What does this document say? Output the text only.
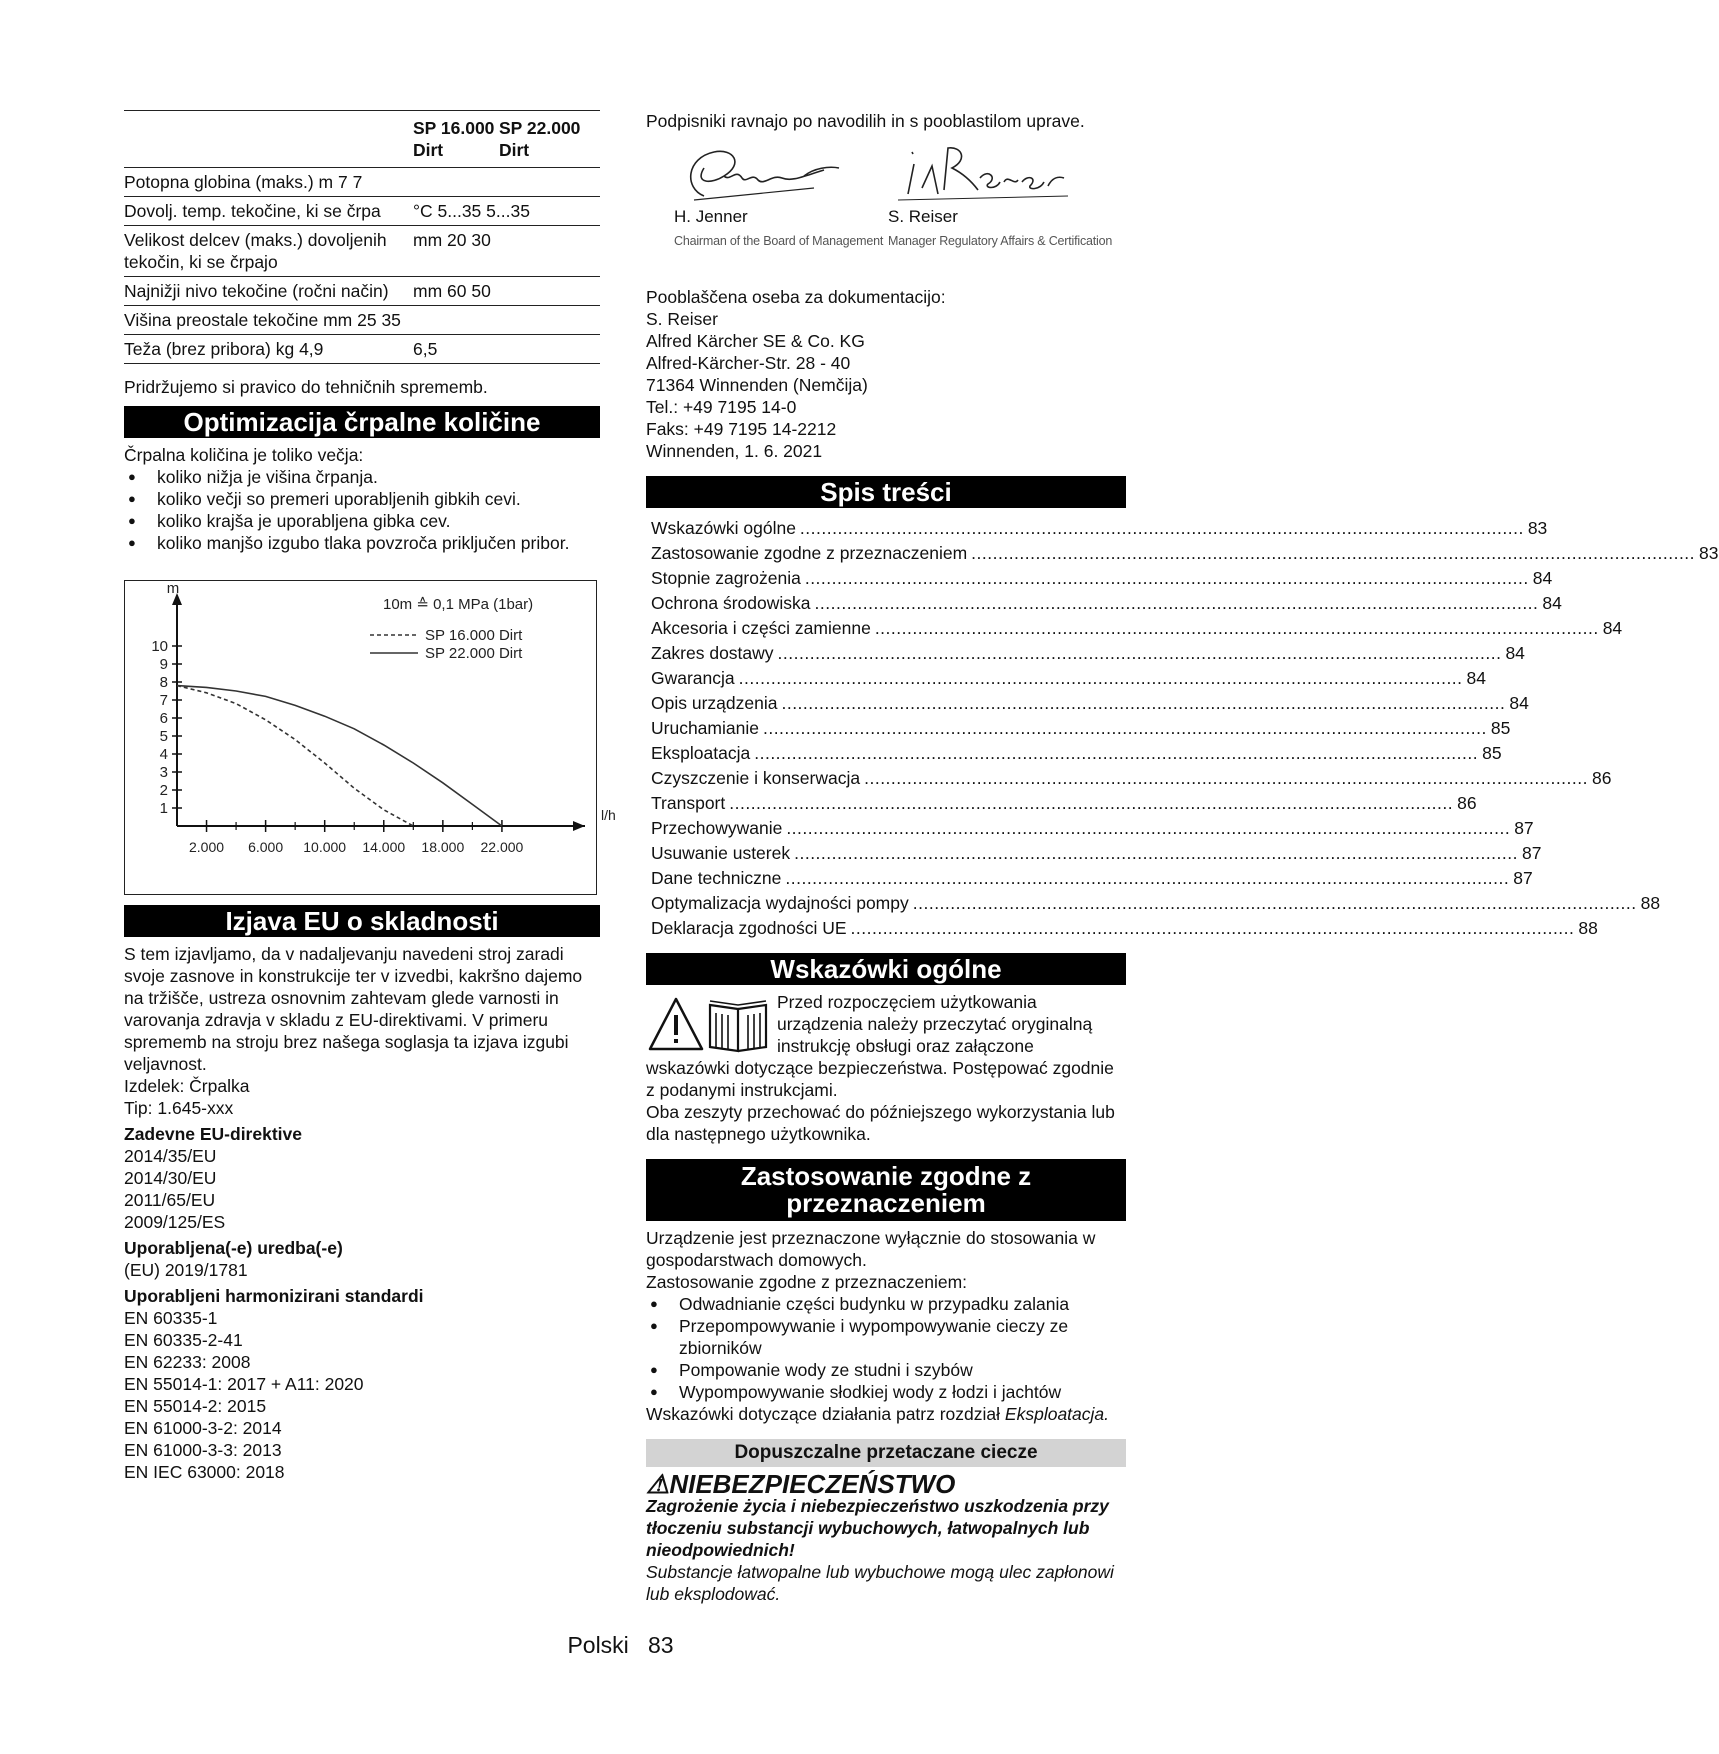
	SP 16.000 Dirt	SP 22.000 Dirt
Potopna globina (maks.) m 7 7		
Dovolj. temp. tekočine, ki se črpa	°C 5...35 5...35	
Velikost delcev (maks.) dovoljenih tekočin, ki se črpajo	mm 20 30	
Najnižji nivo tekočine (ročni način)	mm 60 50	
Višina preostale tekočine mm 25 35		
Teža (brez pribora) kg 4,9	6,5	

Pridržujemo si pravico do tehničnih sprememb.

Optimizacija črpalne količine

Črpalna količina je toliko večja:

● koliko nižja je višina črpanja.
● koliko večji so premeri uporabljenih gibkih cevi.
● koliko krajša je uporabljena gibka cev.
● koliko manjšo izgubo tlaka povzroča priključen pribor.
1
2
3
4
5
6
7
8
9
10
2.000 6.000 10.000 14.000 18.000 22.000
m
l/h
10m ≙ 0,1 MPa (1bar)
SP 16.000 Dirt
SP 22.000 Dirt
Izjava EU o skladnosti

S tem izjavljamo, da v nadaljevanju navedeni stroj zaradi svoje zasnove in konstrukcije ter v izvedbi, kakršno dajemo na tržišče, ustreza osnovnim zahtevam glede varnosti in varovanja zdravja v skladu z EU-direktivami. V primeru sprememb na stroju brez našega soglasja ta izjava izgubi veljavnost.

Izdelek: Črpalka

Tip: 1.645-xxx

Zadevne EU-direktive

2014/35/EU

2014/30/EU

2011/65/EU

2009/125/ES

Uporabljena(-e) uredba(-e)

(EU) 2019/1781

Uporabljeni harmonizirani standardi

EN 60335-1

EN 60335-2-41

EN 62233: 2008

EN 55014-1: 2017 + A11: 2020

EN 55014-2: 2015

EN 61000-3-2: 2014

EN 61000-3-3: 2013

EN IEC 63000: 2018

Podpisniki ravnajo po navodilih in s pooblastilom uprave.

H. Jenner
Chairman of the Board of Management
S. Reiser
Manager Regulatory Affairs & Certification

Pooblaščena oseba za dokumentacijo:

S. Reiser

Alfred Kärcher SE & Co. KG

Alfred-Kärcher-Str. 28 - 40

71364 Winnenden (Nemčija)

Tel.: +49 7195 14-0

Faks: +49 7195 14-2212

Winnenden, 1. 6. 2021

Spis treści
Wskazówki ogólne .....	83
Zastosowanie zgodne z przeznaczeniem .....	83
Stopnie zagrożenia .....	84
Ochrona środowiska .....	84
Akcesoria i części zamienne .....	84
Zakres dostawy .....	84
Gwarancja .....	84
Opis urządzenia .....	84
Uruchamianie .....	85
Eksploatacja .....	85
Czyszczenie i konserwacja .....	86
Transport .....	86
Przechowywanie .....	87
Usuwanie usterek .....	87
Dane techniczne .....	87
Optymalizacja wydajności pompy .....	88
Deklaracja zgodności UE .....	88
Wskazówki ogólne

Przed rozpoczęciem użytkowania urządzenia należy przeczytać oryginalną instrukcję obsługi oraz załączone

wskazówki dotyczące bezpieczeństwa. Postępować zgodnie z podanymi instrukcjami.

Oba zeszyty przechować do późniejszego wykorzystania lub dla następnego użytkownika.

Zastosowanie zgodne z
przeznaczeniem

Urządzenie jest przeznaczone wyłącznie do stosowania w gospodarstwach domowych.

Zastosowanie zgodne z przeznaczeniem:

● Odwadnianie części budynku w przypadku zalania
● Przepompowywanie i wypompowywanie cieczy ze zbiorników
● Pompowanie wody ze studni i szybów
● Wypompowywanie słodkiej wody z łodzi i jachtów

Wskazówki dotyczące działania patrz rozdział Eksploatacja.

Dopuszczalne przetaczane ciecze
⚠NIEBEZPIECZEŃSTWO

Zagrożenie życia i niebezpieczeństwo uszkodzenia przy tłoczeniu substancji wybuchowych, łatwopalnych lub nieodpowiednich!

Substancje łatwopalne lub wybuchowe mogą ulec zapłonowi lub eksplodować.

Polski 83
